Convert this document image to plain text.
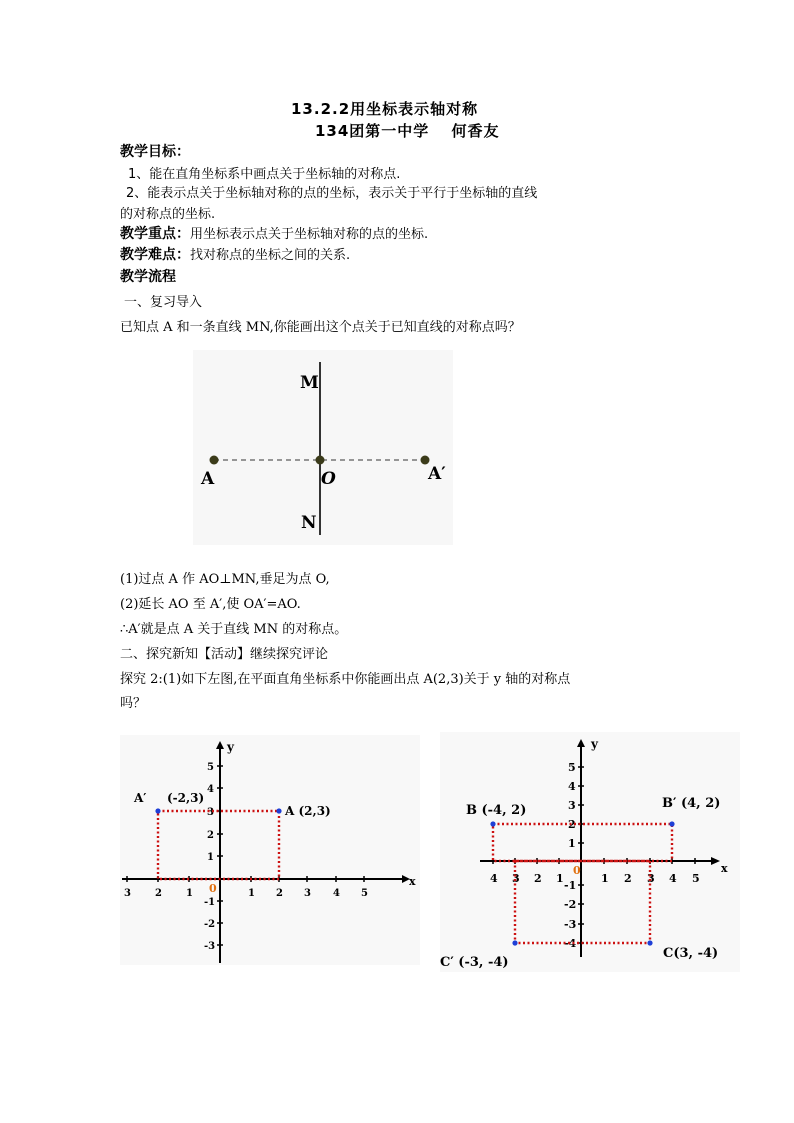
13.2.2用坐标表示轴对称
134团第一中学　 何香友
教学目标：
1、能在直角坐标系中画点关于坐标轴的对称点.
2、能表示点关于坐标轴对称的点的坐标，表示关于平行于坐标轴的直线
的对称点的坐标.
教学重点：用坐标表示点关于坐标轴对称的点的坐标.
教学难点：找对称点的坐标之间的关系.
教学流程
一、复习导入
已知点 A 和一条直线 MN,你能画出这个点关于已知直线的对称点吗？
M
N
A	O	A′
(1)过点 A 作 AO⊥MN,垂足为点 O,
(2)延长 AO 至 A′,使 OA′=AO.
∴A′就是点 A 关于直线 MN 的对称点。
二、探究新知【活动】继续探究评论
探究 2:(1)如下左图,在平面直角坐标系中你能画出点 A(2,3)关于 y 轴的对称点
吗？
x
y
3 2 1	1 2 3 4 5
5
4
3
2
1
-1
-2
-3
0
A (2,3)
A′ (-2,3)
x
y
4 3 2 1	1 2 3 4 5
5
4
3
2
1
-1
-2
-3
-4
0
B (-4, 2)	B′ (4, 2)
C(3, -4)
C′ (-3, -4)
